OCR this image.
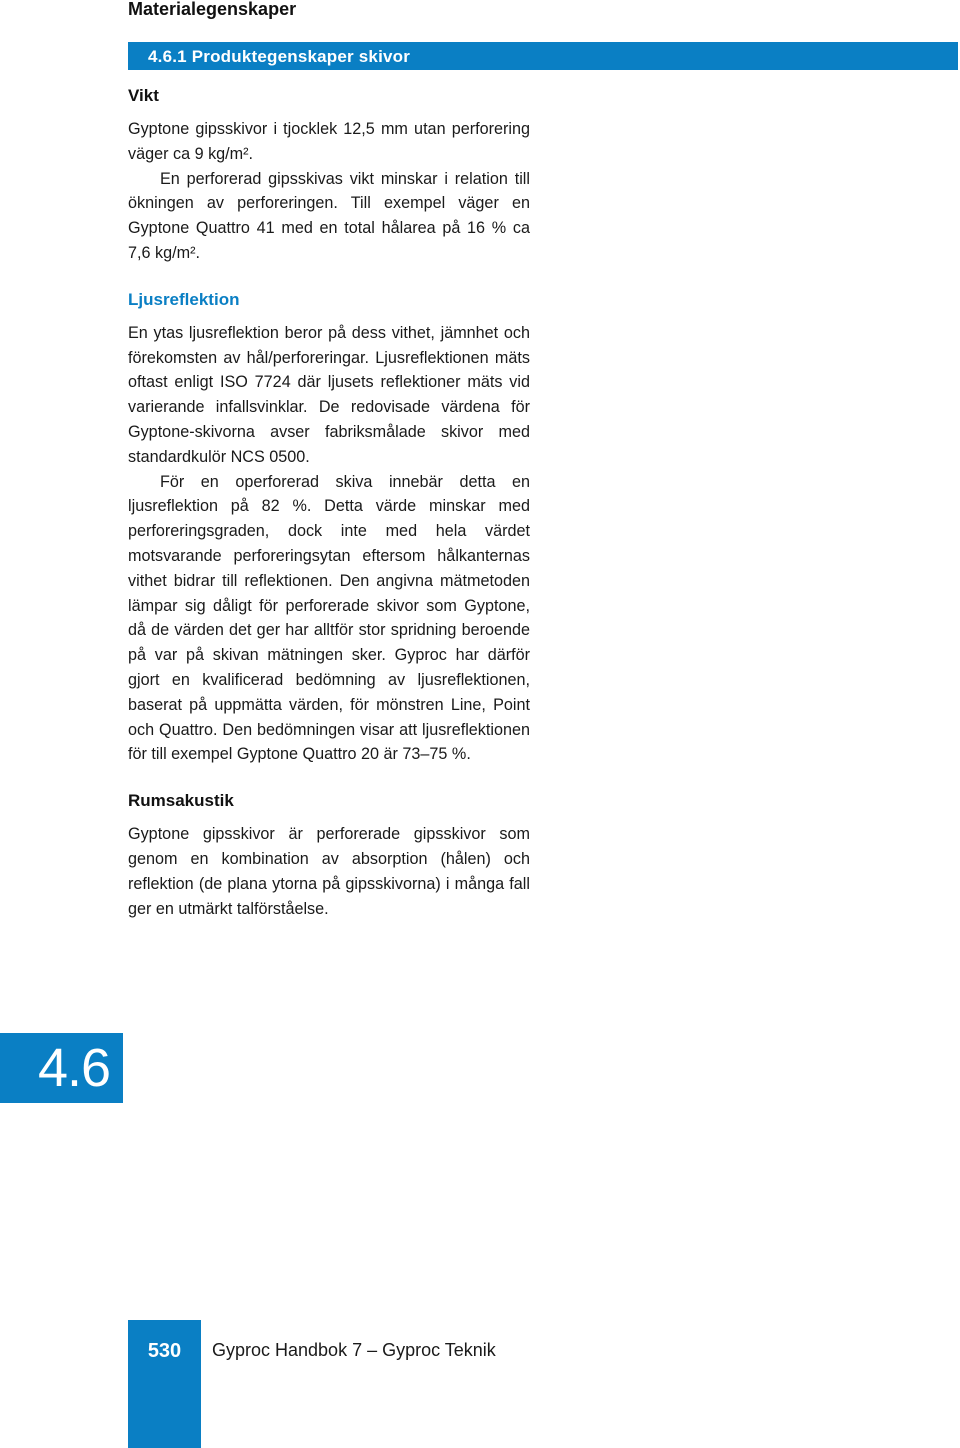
Materialegenskaper
4.6.1 Produktegenskaper skivor
Vikt

Gyptone gipsskivor i tjocklek 12,5 mm utan perforering väger ca 9 kg/m².

En perforerad gipsskivas vikt minskar i relation till ökningen av perforeringen. Till exempel väger en Gyptone Quattro 41 med en total hålarea på 16 % ca 7,6 kg/m².

Ljusreflektion

En ytas ljusreflektion beror på dess vithet, jämnhet och förekomsten av hål/perforeringar. Ljusreflektionen mäts oftast enligt ISO 7724 där ljusets reflektioner mäts vid varierande infallsvinklar. De redovisade värdena för Gyptone-skivorna avser fabriksmålade skivor med standardkulör NCS 0500.

För en operforerad skiva innebär detta en ljusreflektion på 82 %. Detta värde minskar med perforeringsgraden, dock inte med hela värdet motsvarande perforeringsytan eftersom hålkanternas vithet bidrar till reflektionen. Den angivna mätmetoden lämpar sig dåligt för perforerade skivor som Gyptone, då de värden det ger har alltför stor spridning beroende på var på skivan mätningen sker. Gyproc har därför gjort en kvalificerad bedömning av ljusreflektionen, baserat på uppmätta värden, för mönstren Line, Point och Quattro. Den bedömningen visar att ljusreflektionen för till exempel Gyptone Quattro 20 är 73–75 %.

Rumsakustik

Gyptone gipsskivor är perforerade gipsskivor som genom en kombination av absorption (hålen) och reflektion (de plana ytorna på gipsskivorna) i många fall ger en utmärkt talförståelse.

4.6
530	Gyproc Handbok 7 – Gyproc Teknik
